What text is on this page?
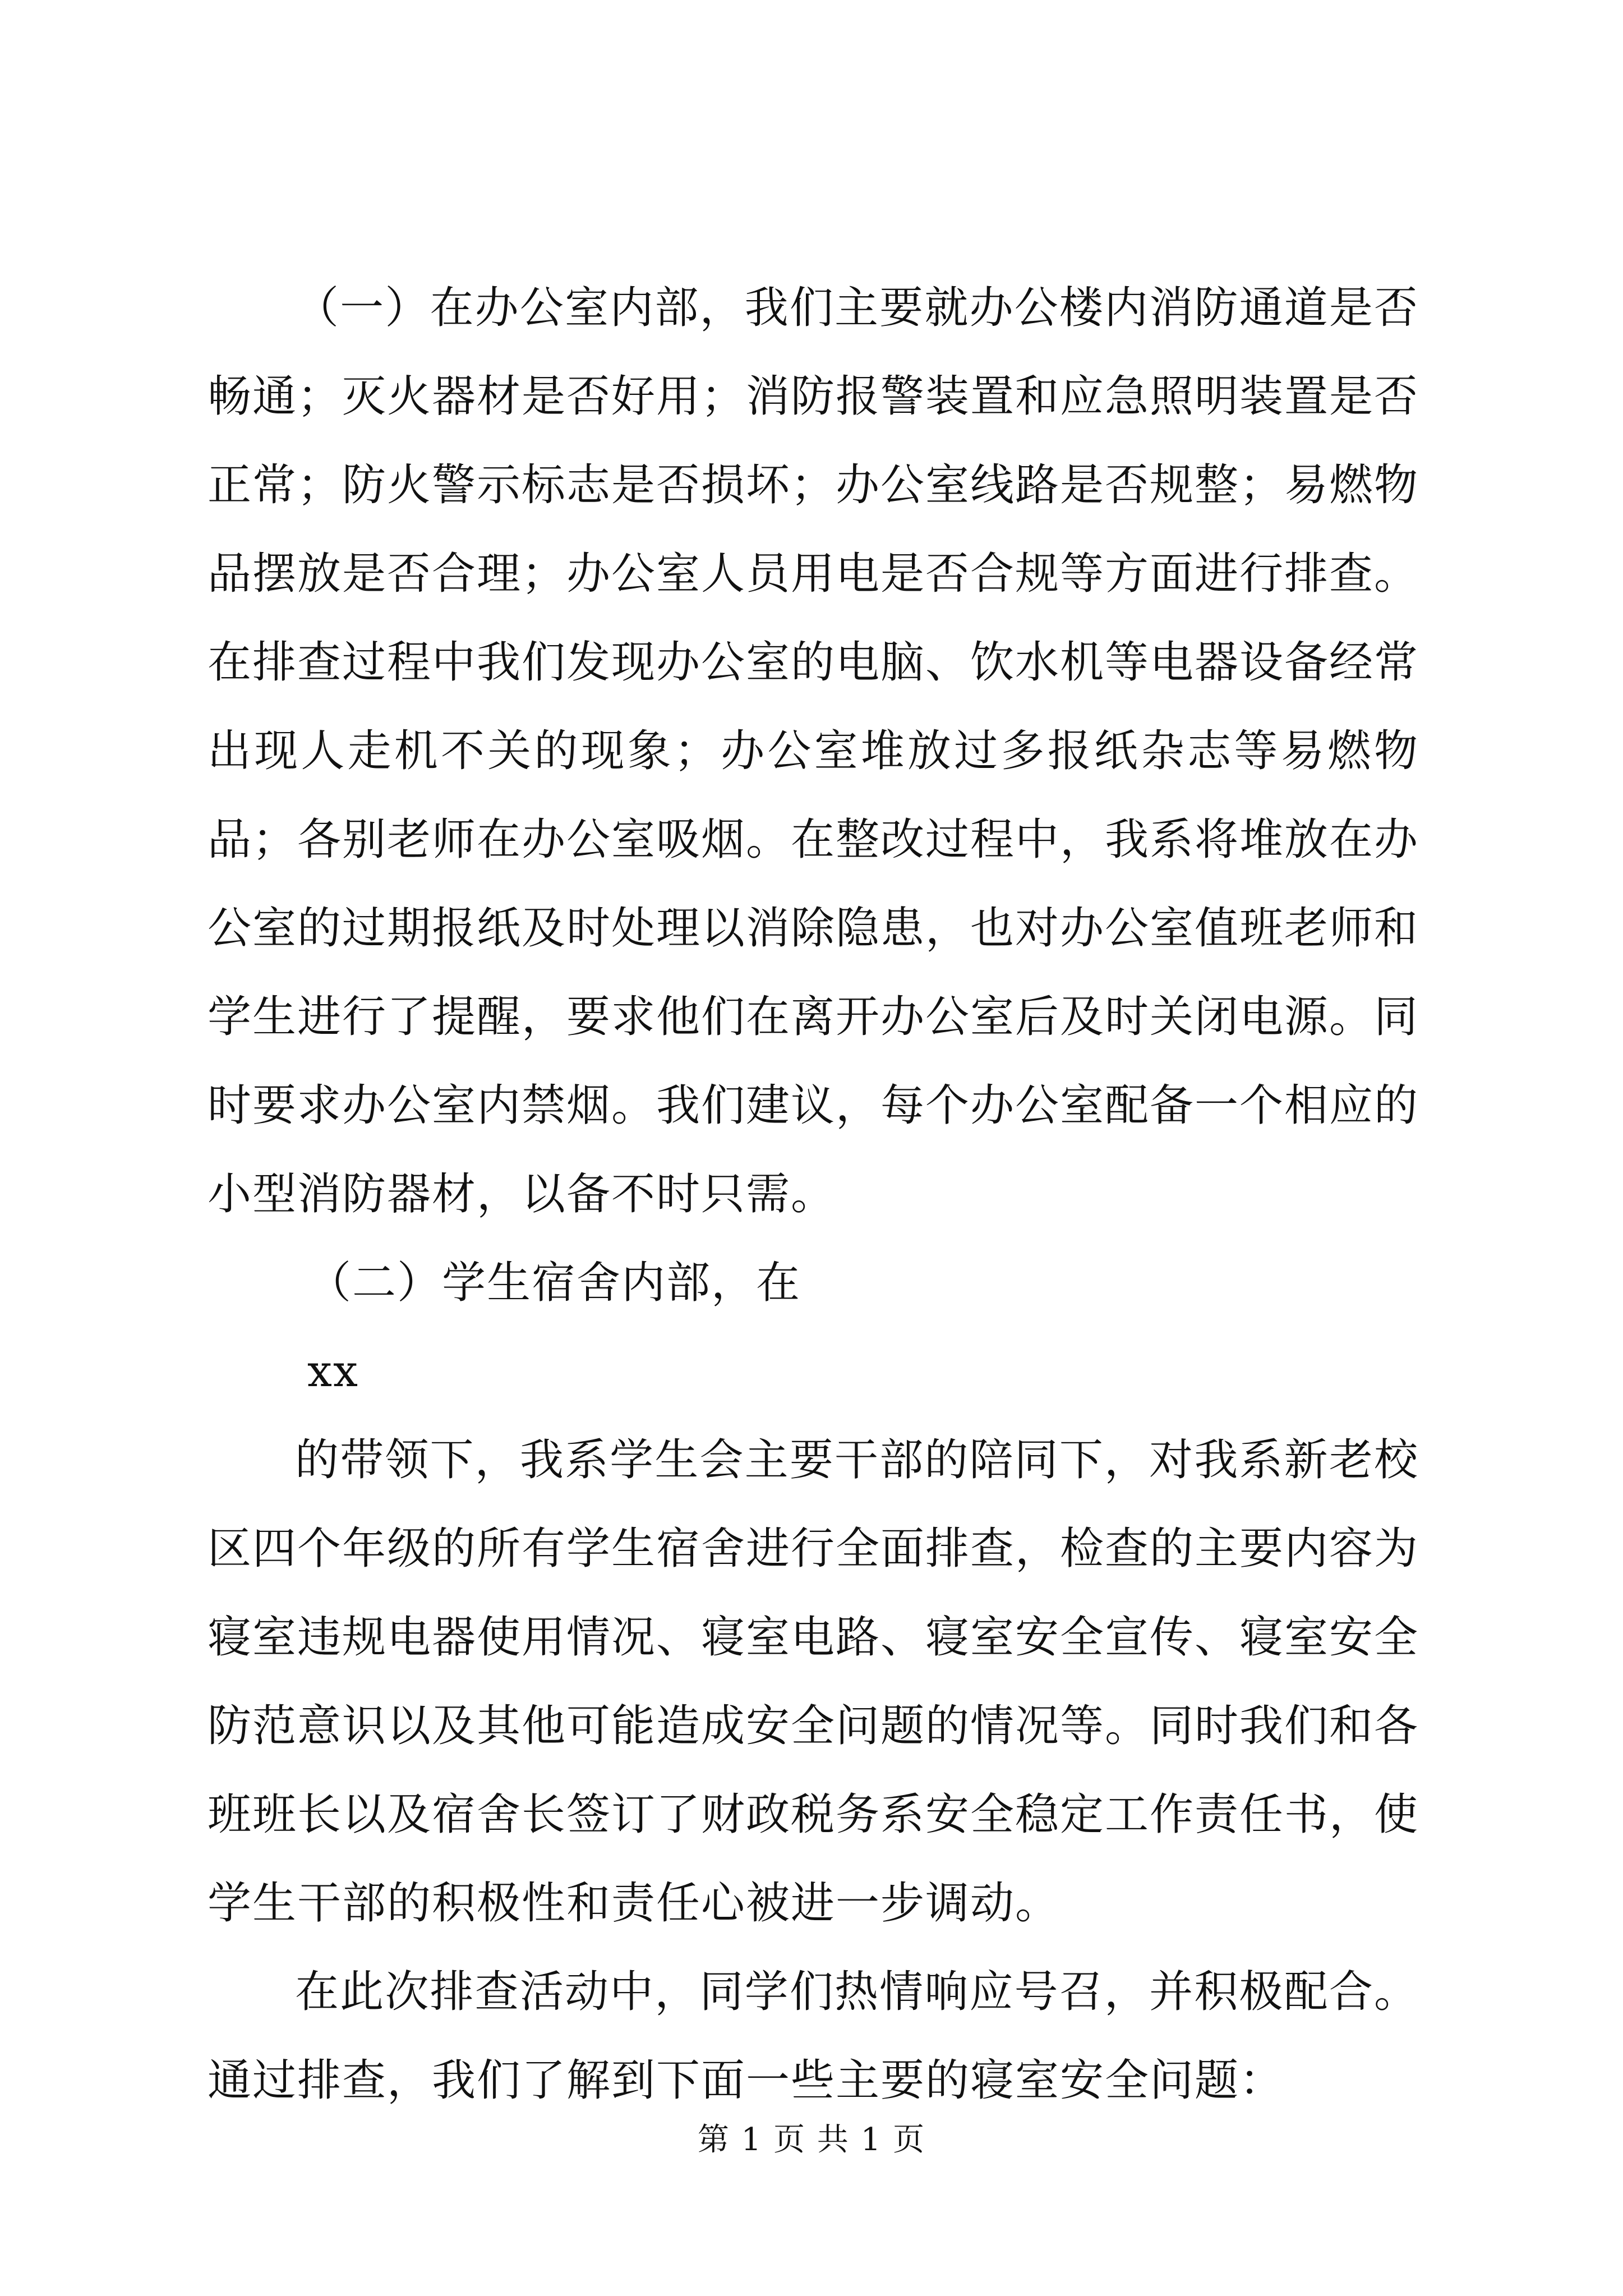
（一）在办公室内部，我们主要就办公楼内消防通道是否畅通；灭火器材是否好用；消防报警装置和应急照明装置是否正常；防火警示标志是否损坏；办公室线路是否规整；易燃物品摆放是否合理；办公室人员用电是否合规等方面进行排查。在排查过程中我们发现办公室的电脑、饮水机等电器设备经常出现人走机不关的现象；办公室堆放过多报纸杂志等易燃物品；各别老师在办公室吸烟。在整改过程中，我系将堆放在办公室的过期报纸及时处理以消除隐患，也对办公室值班老师和学生进行了提醒，要求他们在离开办公室后及时关闭电源。同时要求办公室内禁烟。我们建议，每个办公室配备一个相应的小型消防器材，以备不时只需。

（二）学生宿舍内部，在

xx

的带领下，我系学生会主要干部的陪同下，对我系新老校区四个年级的所有学生宿舍进行全面排查，检查的主要内容为寝室违规电器使用情况、寝室电路、寝室安全宣传、寝室安全防范意识以及其他可能造成安全问题的情况等。同时我们和各班班长以及宿舍长签订了财政税务系安全稳定工作责任书，使学生干部的积极性和责任心被进一步调动。

在此次排查活动中，同学们热情响应号召，并积极配合。通过排查，我们了解到下面一些主要的寝室安全问题：

第 1 页 共 1 页
